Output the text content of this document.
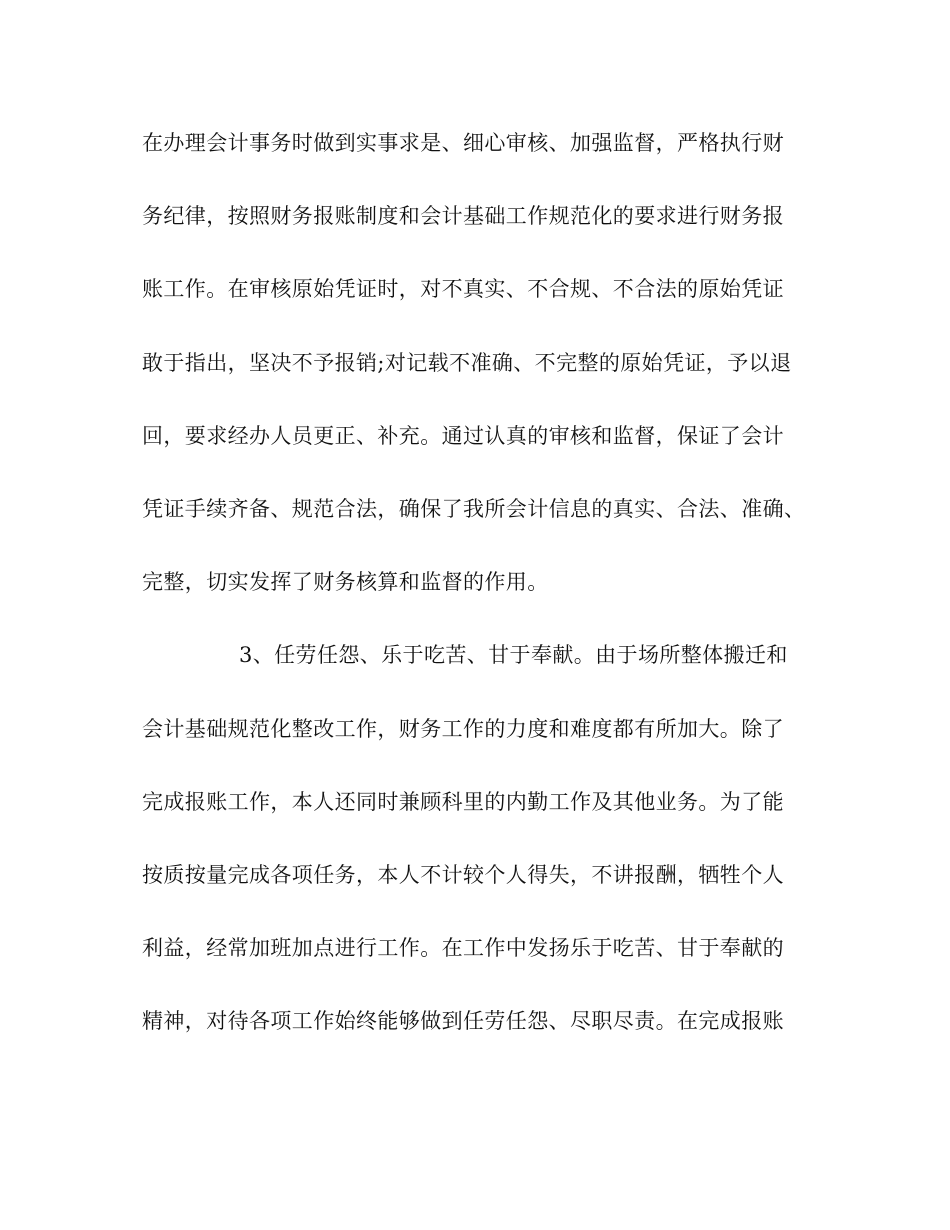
在办理会计事务时做到实事求是、细心审核、加强监督，严格执行财
务纪律，按照财务报账制度和会计基础工作规范化的要求进行财务报
账工作。在审核原始凭证时，对不真实、不合规、不合法的原始凭证
敢于指出，坚决不予报销;对记载不准确、不完整的原始凭证，予以退
回，要求经办人员更正、补充。通过认真的审核和监督，保证了会计
凭证手续齐备、规范合法，确保了我所会计信息的真实、合法、准确、
完整，切实发挥了财务核算和监督的作用。
3、任劳任怨、乐于吃苦、甘于奉献。由于场所整体搬迁和
会计基础规范化整改工作，财务工作的力度和难度都有所加大。除了
完成报账工作，本人还同时兼顾科里的内勤工作及其他业务。为了能
按质按量完成各项任务，本人不计较个人得失，不讲报酬，牺牲个人
利益，经常加班加点进行工作。在工作中发扬乐于吃苦、甘于奉献的
精神，对待各项工作始终能够做到任劳任怨、尽职尽责。在完成报账
